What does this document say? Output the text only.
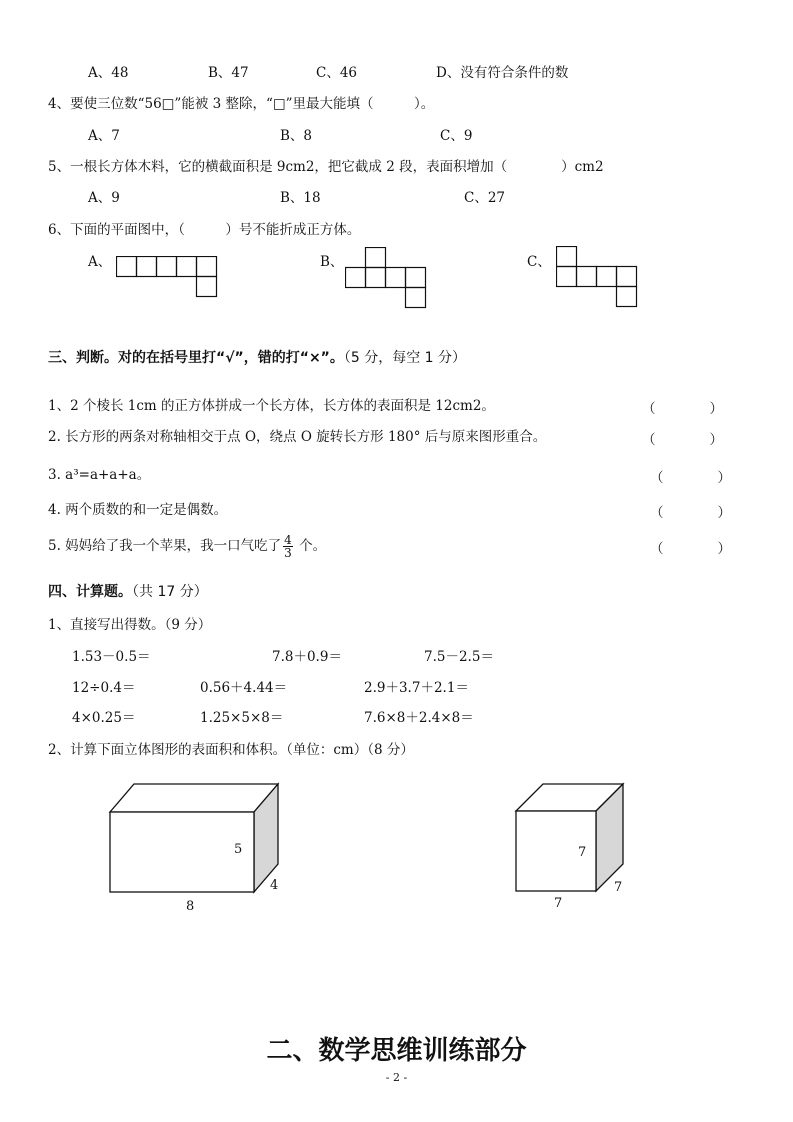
A、48	B、47	C、46	D、没有符合条件的数
4、要使三位数“56□”能被 3 整除，“□”里最大能填（　　　）。
A、7	B、8	C、9
5、一根长方体木料，它的横截面积是 9cm2，把它截成 2 段，表面积增加（　　　　）cm2
A、9	B、18	C、27
6、下面的平面图中，（　　　）号不能折成正方体。
A、	B、	C、
三、判断。对的在括号里打“√”，错的打“×”。（5 分，每空 1 分）
1、2 个棱长 1cm 的正方体拼成一个长方体，长方体的表面积是 12cm2。	（　　　　）
2. 长方形的两条对称轴相交于点 O，绕点 O 旋转长方形 180° 后与原来图形重合。	（　　　　）
3. a³=a+a+a。	（　　　　）
4. 两个质数的和一定是偶数。	（　　　　）
5. 妈妈给了我一个苹果，我一口气吃了 $\frac{4}{3}$ 个。	（　　　　）
四、计算题。（共 17 分）
1、直接写出得数。（9 分）
1.53－0.5＝	7.8＋0.9＝	7.5－2.5＝
12÷0.4＝	0.56＋4.44＝	2.9＋3.7＋2.1＝
4×0.25＝	1.25×5×8＝	7.6×8＋2.4×8＝
2、计算下面立体图形的表面积和体积。（单位：cm）（8 分）
5
4
8
7
7
7
二、数学思维训练部分
- 2 -
